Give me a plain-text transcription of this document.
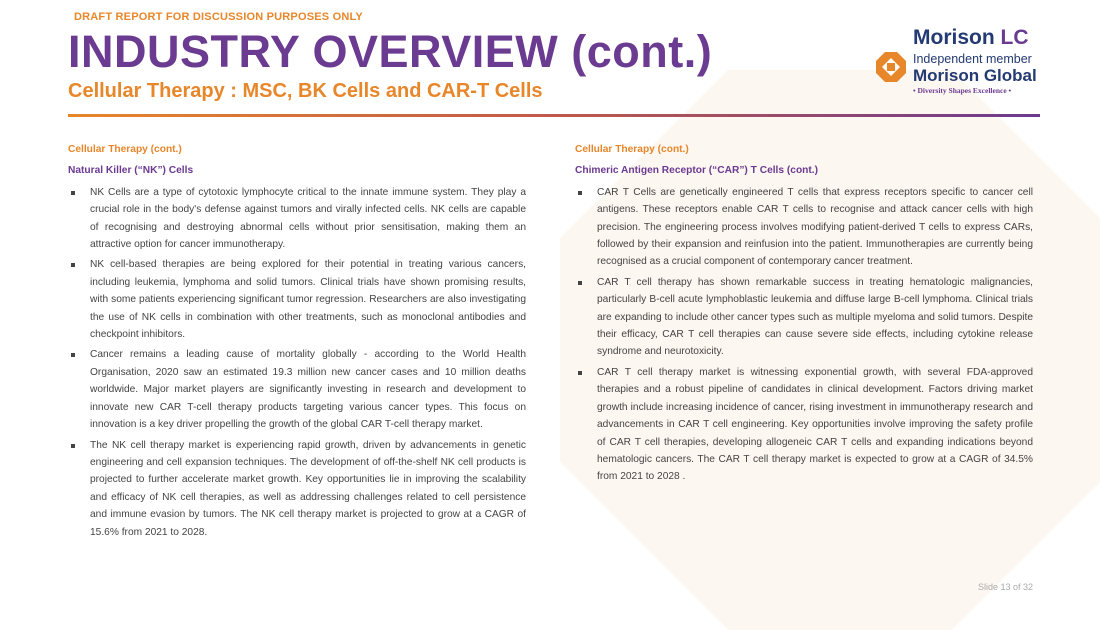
DRAFT REPORT FOR DISCUSSION PURPOSES ONLY
INDUSTRY OVERVIEW (cont.)
Cellular Therapy : MSC, BK Cells and CAR-T Cells
Morison LC
Independent member
Morison Global
• Diversity Shapes Excellence •
Cellular Therapy (cont.)
Natural Killer (“NK”) Cells
NK Cells are a type of cytotoxic lymphocyte critical to the innate immune system. They play a crucial role in the body's defense against tumors and virally infected cells. NK cells are capable of recognising and destroying abnormal cells without prior sensitisation, making them an attractive option for cancer immunotherapy.
NK cell-based therapies are being explored for their potential in treating various cancers, including leukemia, lymphoma and solid tumors. Clinical trials have shown promising results, with some patients experiencing significant tumor regression. Researchers are also investigating the use of NK cells in combination with other treatments, such as monoclonal antibodies and checkpoint inhibitors.
Cancer remains a leading cause of mortality globally - according to the World Health Organisation, 2020 saw an estimated 19.3 million new cancer cases and 10 million deaths worldwide. Major market players are significantly investing in research and development to innovate new CAR T-cell therapy products targeting various cancer types. This focus on innovation is a key driver propelling the growth of the global CAR T-cell therapy market.
The NK cell therapy market is experiencing rapid growth, driven by advancements in genetic engineering and cell expansion techniques. The development of off-the-shelf NK cell products is projected to further accelerate market growth. Key opportunities lie in improving the scalability and efficacy of NK cell therapies, as well as addressing challenges related to cell persistence and immune evasion by tumors. The NK cell therapy market is projected to grow at a CAGR of 15.6% from 2021 to 2028.
Cellular Therapy (cont.)
Chimeric Antigen Receptor (“CAR”) T Cells (cont.)
CAR T Cells are genetically engineered T cells that express receptors specific to cancer cell antigens. These receptors enable CAR T cells to recognise and attack cancer cells with high precision. The engineering process involves modifying patient-derived T cells to express CARs, followed by their expansion and reinfusion into the patient. Immunotherapies are currently being recognised as a crucial component of contemporary cancer treatment.
CAR T cell therapy has shown remarkable success in treating hematologic malignancies, particularly B-cell acute lymphoblastic leukemia and diffuse large B-cell lymphoma. Clinical trials are expanding to include other cancer types such as multiple myeloma and solid tumors. Despite their efficacy, CAR T cell therapies can cause severe side effects, including cytokine release syndrome and neurotoxicity.
CAR T cell therapy market is witnessing exponential growth, with several FDA-approved therapies and a robust pipeline of candidates in clinical development. Factors driving market growth include increasing incidence of cancer, rising investment in immunotherapy research and advancements in CAR T cell engineering. Key opportunities involve improving the safety profile of CAR T cell therapies, developing allogeneic CAR T cells and expanding indications beyond hematologic cancers. The CAR T cell therapy market is expected to grow at a CAGR of 34.5% from 2021 to 2028 .
Slide 13 of 32
